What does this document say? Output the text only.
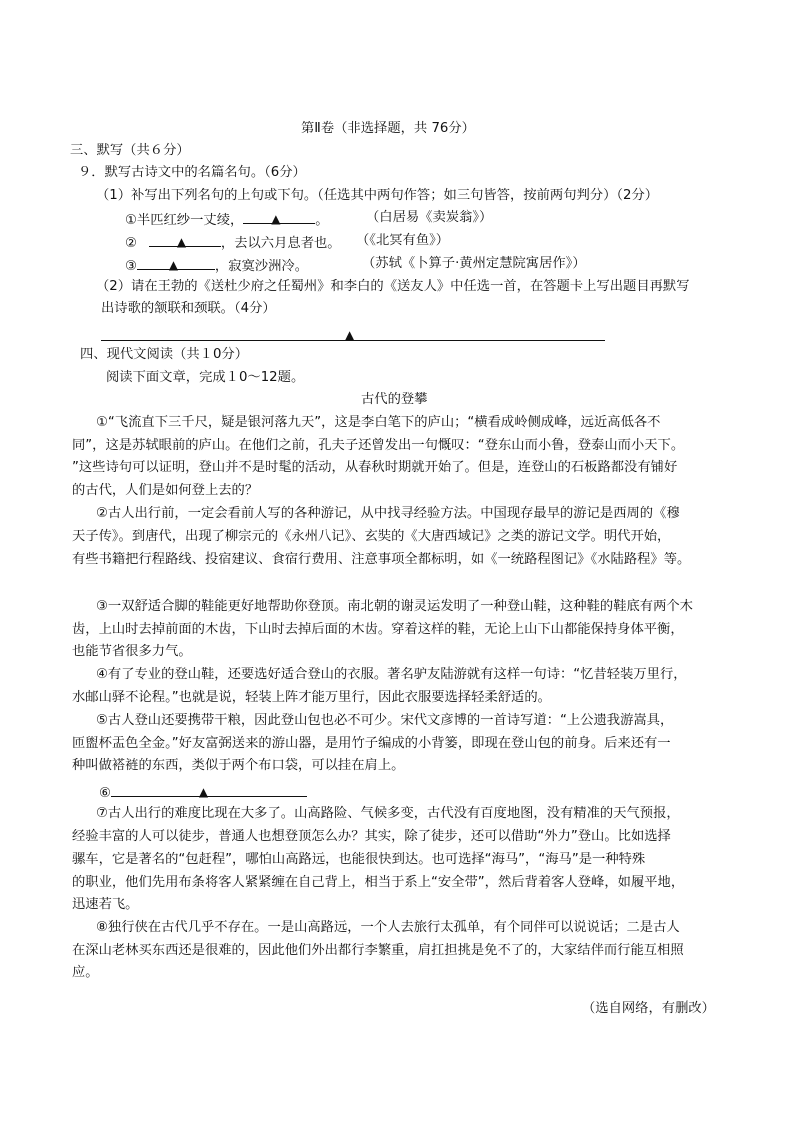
第Ⅱ卷（非选择题，共 76分）
三、默写（共６分）
９．默写古诗文中的名篇名句。（6分）
（1）补写出下列名句的上句或下句。（任选其中两句作答；如三句皆答，按前两句判分）（2分）
①半匹红纱一丈绫， ▲	。	（白居易《卖炭翁》）
②	▲	，去以六月息者也。 （《北冥有鱼》）
③	▲	，寂寞沙洲冷。	（苏轼《卜算子·黄州定慧院寓居作》）
（2）请在王勃的《送杜少府之任蜀州》和李白的《送友人》中任选一首，在答题卡上写出题目再默写
出诗歌的颔联和颈联。（4分）
▲
四、现代文阅读（共１0分）
阅读下面文章，完成１0～12题。
古代的登攀
①“飞流直下三千尺，疑是银河落九天”，这是李白笔下的庐山；“横看成岭侧成峰，远近高低各不
同”，这是苏轼眼前的庐山。在他们之前，孔夫子还曾发出一句慨叹：“登东山而小鲁，登泰山而小天下。
”这些诗句可以证明，登山并不是时髦的活动，从春秋时期就开始了。但是，连登山的石板路都没有铺好
的古代，人们是如何登上去的？
②古人出行前，一定会看前人写的各种游记，从中找寻经验方法。中国现存最早的游记是西周的《穆
天子传》。到唐代，出现了柳宗元的《永州八记》、玄奘的《大唐西域记》之类的游记文学。明代开始，
有些书籍把行程路线、投宿建议、食宿行费用、注意事项全都标明，如《一统路程图记》《水陆路程》等。
③一双舒适合脚的鞋能更好地帮助你登顶。南北朝的谢灵运发明了一种登山鞋，这种鞋的鞋底有两个木
齿，上山时去掉前面的木齿，下山时去掉后面的木齿。穿着这样的鞋，无论上山下山都能保持身体平衡，
也能节省很多力气。
④有了专业的登山鞋，还要选好适合登山的衣服。著名驴友陆游就有这样一句诗：“忆昔轻装万里行，
水邮山驿不论程。”也就是说，轻装上阵才能万里行，因此衣服要选择轻柔舒适的。
⑤古人登山还要携带干粮，因此登山包也必不可少。宋代文彦博的一首诗写道：“上公遗我游嵩具，
匝盥杯盂色全金。”好友富弼送来的游山器，是用竹子编成的小背篓，即现在登山包的前身。后来还有一
种叫做褡裢的东西，类似于两个布口袋，可以挂在肩上。
⑥	▲
⑦古人出行的难度比现在大多了。山高路险、气候多变，古代没有百度地图，没有精准的天气预报，
经验丰富的人可以徒步，普通人也想登顶怎么办？其实，除了徒步，还可以借助“外力”登山。比如选择
骡车，它是著名的“包赶程”，哪怕山高路远，也能很快到达。也可选择“海马”，“海马”是一种特殊
的职业，他们先用布条将客人紧紧缠在自己背上，相当于系上“安全带”，然后背着客人登峰，如履平地，
迅速若飞。
⑧独行侠在古代几乎不存在。一是山高路远，一个人去旅行太孤单，有个同伴可以说说话；二是古人
在深山老林买东西还是很难的，因此他们外出都行李繁重，肩扛担挑是免不了的，大家结伴而行能互相照
应。
（选自网络，有删改）
